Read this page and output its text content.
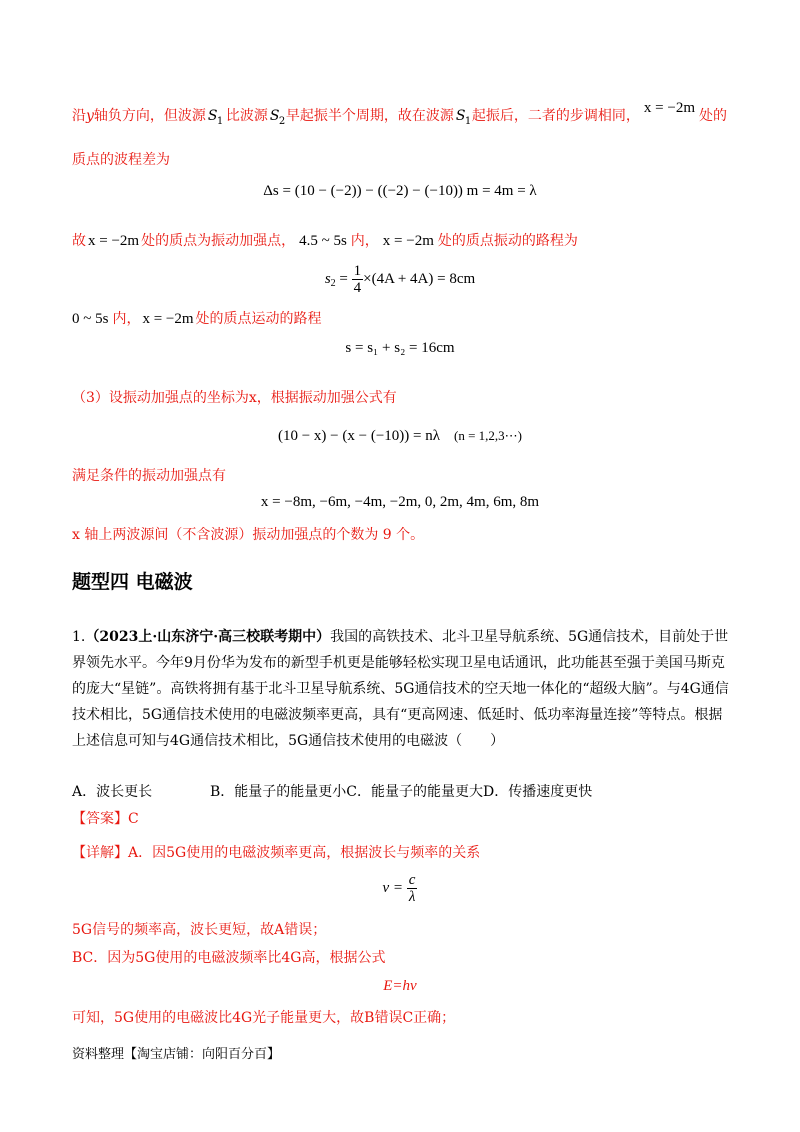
沿y轴负方向，但波源 S 1 比波源 S 2 早起振半个周期，故在波源 S 1 起振后，二者的步调相同， x = −2m 处的
质点的波程差为
Δs = (10 − (−2)) − ((−2) − (−10)) m = 4m = λ
故 x = −2m 处的质点为振动加强点， 4.5 ~ 5s 内， x = −2m 处的质点振动的路程为
$s_2 = \frac{1}{4} \times(4A + 4A) = 8cm$
0 ~ 5s 内， x = −2m 处的质点运动的路程
s = s₁ + s₂ = 16cm
（3）设振动加强点的坐标为x，根据振动加强公式有
(10 − x) − (x − (−10)) = nλ (n = 1,2,3⋯)
满足条件的振动加强点有
x = −8m, −6m, −4m, −2m, 0, 2m, 4m, 6m, 8m
x 轴上两波源间（不含波源）振动加强点的个数为 9 个。
题型四 电磁波
1.（2023上·山东济宁·高三校联考期中）我国的高铁技术、北斗卫星导航系统、5G通信技术，目前处于世界领先水平。今年9月份华为发布的新型手机更是能够轻松实现卫星电话通讯，此功能甚至强于美国马斯克的庞大“星链”。高铁将拥有基于北斗卫星导航系统、5G通信技术的空天地一体化的“超级大脑”。与4G通信技术相比，5G通信技术使用的电磁波频率更高，具有“更高网速、低延时、低功率海量连接”等特点。根据上述信息可知与4G通信技术相比，5G通信技术使用的电磁波（　　）
A．波长更长	B．能量子的能量更小C．能量子的能量更大D．传播速度更快
【答案】C
【详解】A．因5G使用的电磁波频率更高，根据波长与频率的关系
$\nu = \frac{c}{\lambda}$
5G信号的频率高，波长更短，故A错误；
BC．因为5G使用的电磁波频率比4G高，根据公式
E=hν
可知，5G使用的电磁波比4G光子能量更大，故B错误C正确；
资料整理【淘宝店铺：向阳百分百】
